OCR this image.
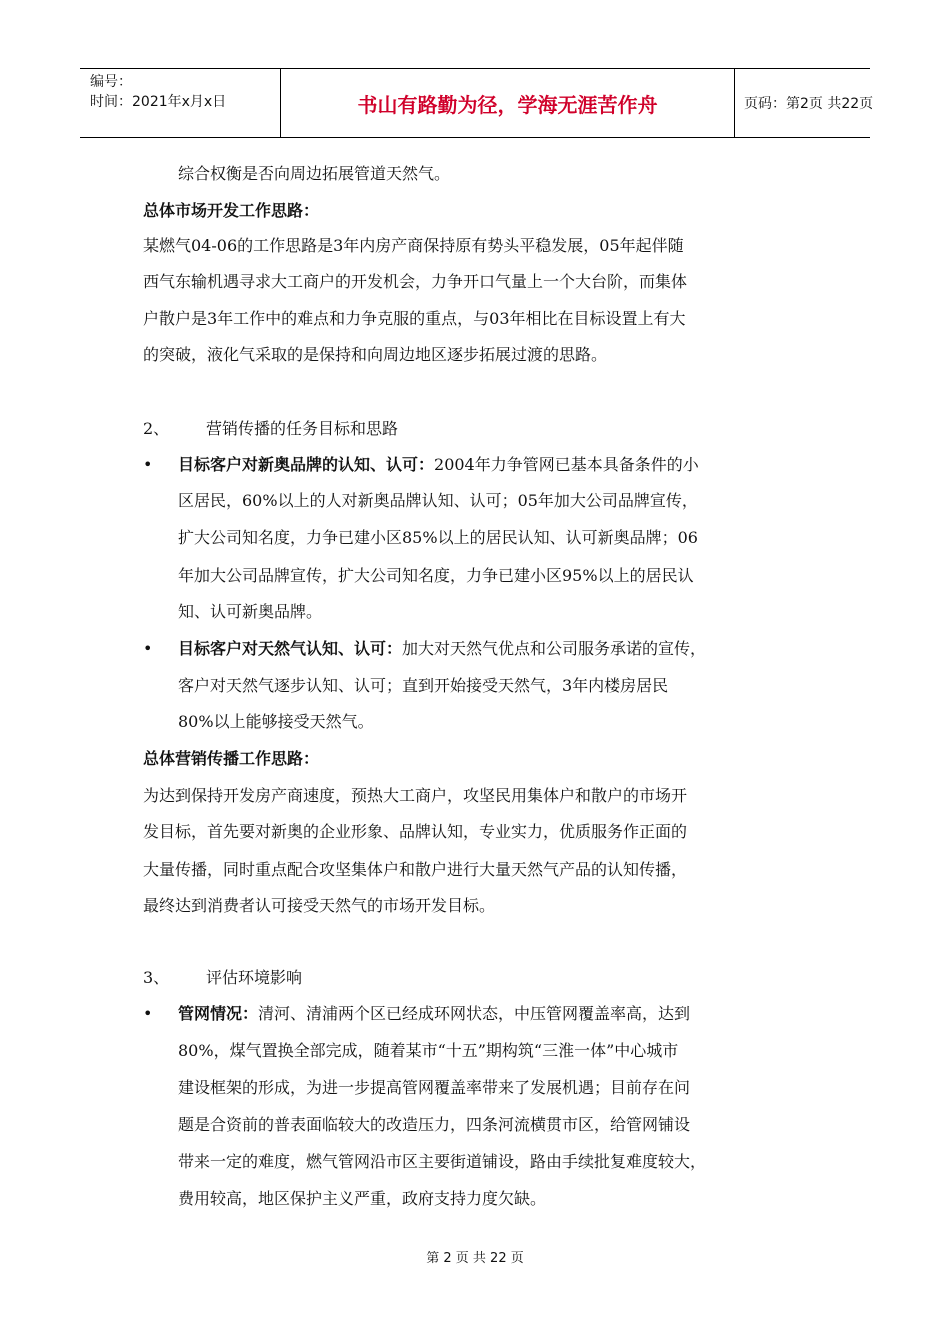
编号：
时间：2021年x月x日	书山有路勤为径，学海无涯苦作舟	页码：第2页 共22页
综合权衡是否向周边拓展管道天然气。
总体市场开发工作思路：
某燃气04-06的工作思路是3年内房产商保持原有势头平稳发展，05年起伴随
西气东输机遇寻求大工商户的开发机会，力争开口气量上一个大台阶，而集体
户散户是3年工作中的难点和力争克服的重点，与03年相比在目标设置上有大
的突破，液化气采取的是保持和向周边地区逐步拓展过渡的思路。
2、 营销传播的任务目标和思路
• 目标客户对新奥品牌的认知、认可：2004年力争管网已基本具备条件的小
区居民，60%以上的人对新奥品牌认知、认可；05年加大公司品牌宣传，
扩大公司知名度，力争已建小区85%以上的居民认知、认可新奥品牌；06
年加大公司品牌宣传，扩大公司知名度，力争已建小区95%以上的居民认
知、认可新奥品牌。
• 目标客户对天然气认知、认可：加大对天然气优点和公司服务承诺的宣传，
客户对天然气逐步认知、认可；直到开始接受天然气，3年内楼房居民
80%以上能够接受天然气。
总体营销传播工作思路：
为达到保持开发房产商速度，预热大工商户，攻坚民用集体户和散户的市场开
发目标，首先要对新奥的企业形象、品牌认知，专业实力，优质服务作正面的
大量传播，同时重点配合攻坚集体户和散户进行大量天然气产品的认知传播，
最终达到消费者认可接受天然气的市场开发目标。
3、 评估环境影响
• 管网情况：清河、清浦两个区已经成环网状态，中压管网覆盖率高，达到
80%，煤气置换全部完成，随着某市“十五”期构筑“三淮一体”中心城市
建设框架的形成，为进一步提高管网覆盖率带来了发展机遇；目前存在问
题是合资前的普表面临较大的改造压力，四条河流横贯市区，给管网铺设
带来一定的难度，燃气管网沿市区主要街道铺设，路由手续批复难度较大，
费用较高，地区保护主义严重，政府支持力度欠缺。
第 2 页 共 22 页
